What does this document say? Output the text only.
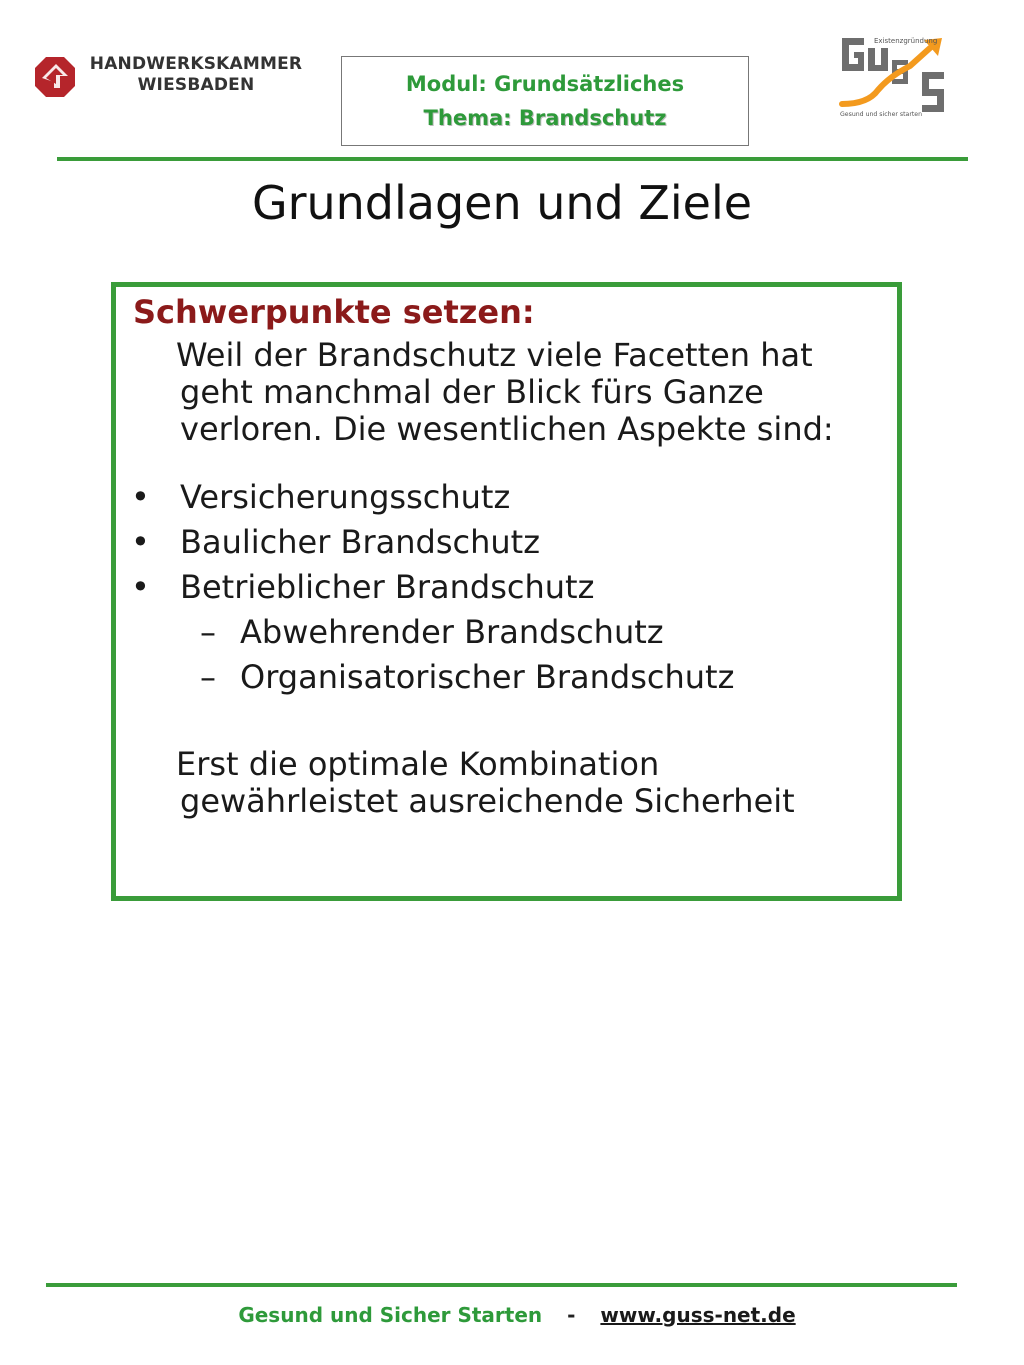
HANDWERKSKAMMER
WIESBADEN	Modul: Grundsätzliches
Thema: Brandschutz
Existenzgründung
Gesund und sicher starten
Grundlagen und Ziele
Schwerpunkte setzen:
Weil der Brandschutz viele Facetten hat
geht manchmal der Blick fürs Ganze
verloren. Die wesentlichen Aspekte sind:
• Versicherungsschutz
• Baulicher Brandschutz
• Betrieblicher Brandschutz
– Abwehrender Brandschutz
– Organisatorischer Brandschutz
Erst die optimale Kombination
gewährleistet ausreichende Sicherheit
Gesund und Sicher Starten - www.guss-net.de
